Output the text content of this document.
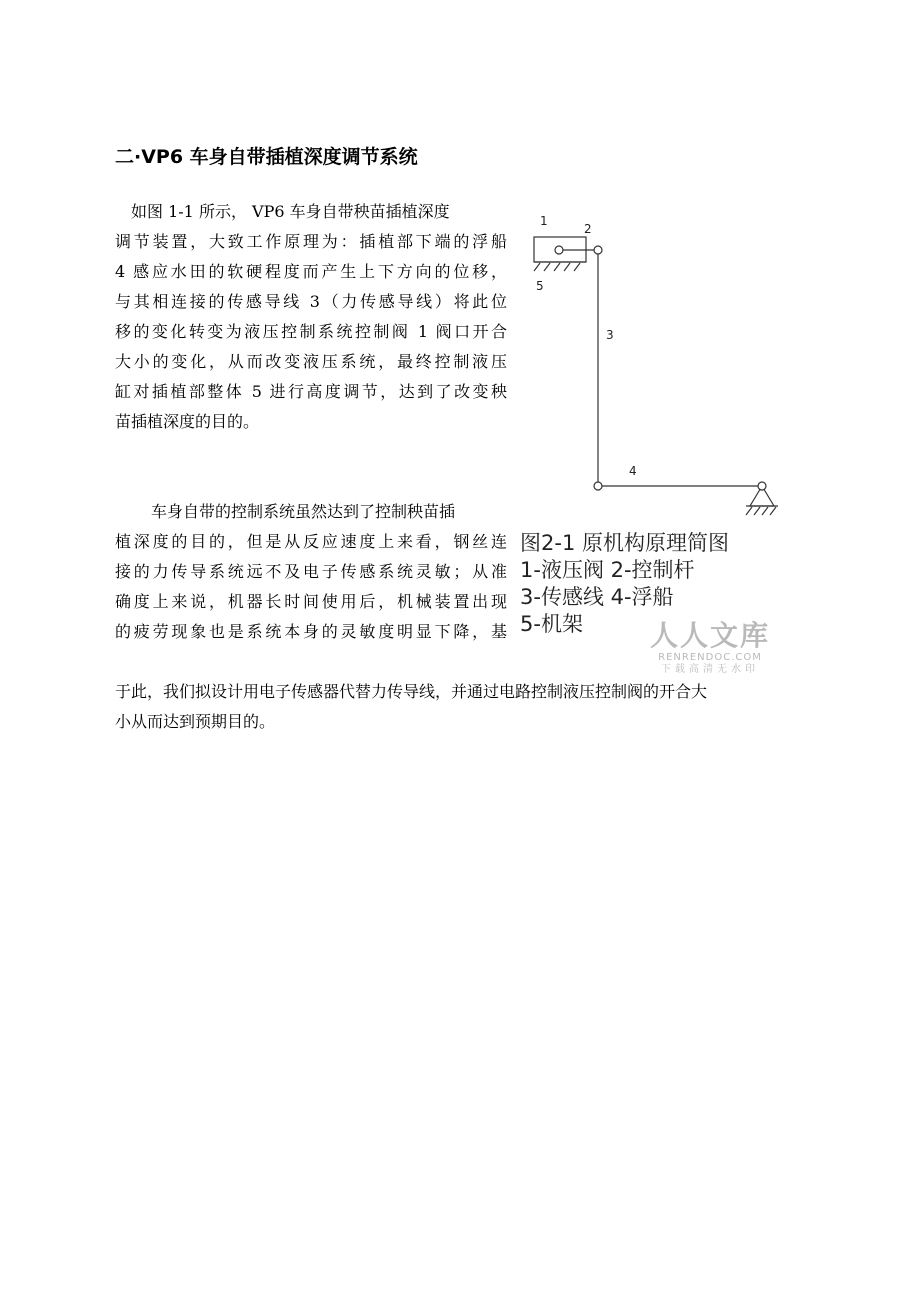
二·VP6 车身自带插植深度调节系统

如图 1-1 所示， VP6 车身自带秧苗插植深度
调节装置，大致工作原理为：插植部下端的浮船
4 感应水田的软硬程度而产生上下方向的位移，
与其相连接的传感导线 3（力传感导线）将此位
移的变化转变为液压控制系统控制阀 1 阀口开合
大小的变化，从而改变液压系统，最终控制液压
缸对插植部整体 5 进行高度调节，达到了改变秧
苗插植深度的目的。

车身自带的控制系统虽然达到了控制秧苗插
植深度的目的，但是从反应速度上来看，钢丝连
接的力传导系统远不及电子传感系统灵敏；从准
确度上来说，机器长时间使用后，机械装置出现
的疲劳现象也是系统本身的灵敏度明显下降，基

于此，我们拟设计用电子传感器代替力传导线，并通过电路控制液压控制阀的开合大
小从而达到预期目的。

1
2
3
4
5
图2-1 原机构原理简图
1-液压阀 2-控制杆
3-传感线 4-浮船
5-机架	人人文库
RENRENDOC.COM
下载高清无水印
